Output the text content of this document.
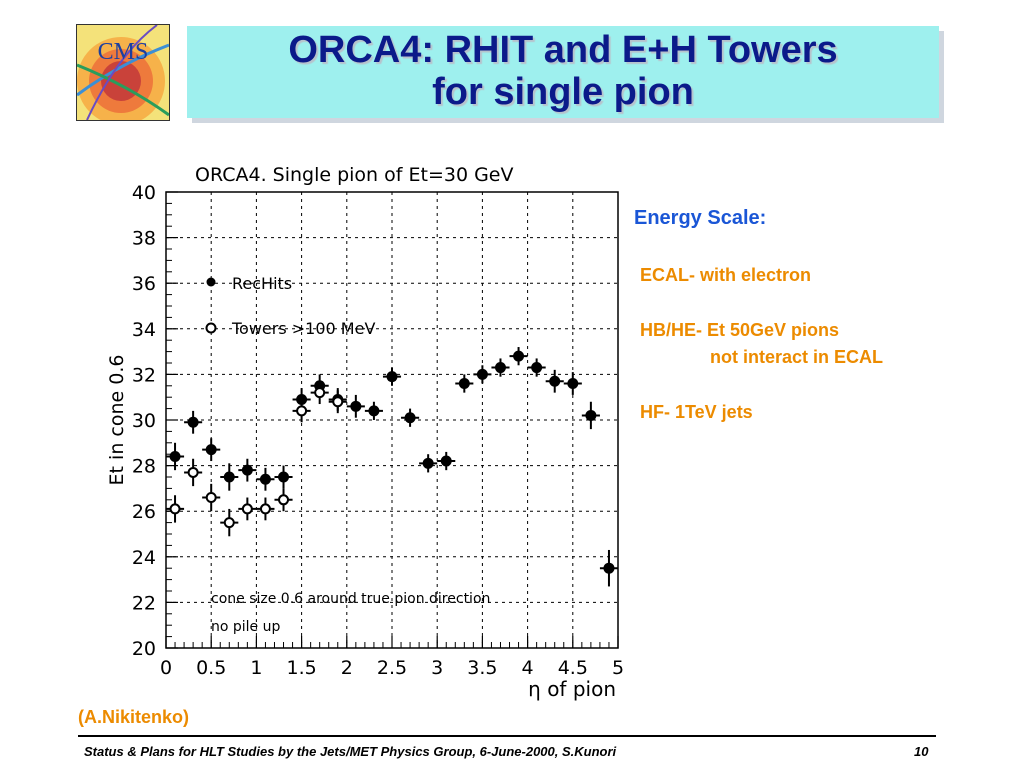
CMS	ORCA4: RHIT and E+H Towers
for single pion
ORCA4. Single pion of Et=30 GeV
0 0.5 1 1.5 2 2.5 3 3.5 4 4.5 5
20
22
24
26
28
30
32
34
36
38
40
η of pion
Et in cone 0.6
RecHits
Towers >100 MeV
cone size 0.6 around true pion direction
no pile up
Energy Scale:
ECAL- with electron
HB/HE- Et 50GeV pions
not interact in ECAL
HF- 1TeV jets
(A.Nikitenko)
Status & Plans for HLT Studies by the Jets/MET Physics Group, 6-June-2000, S.Kunori	10
